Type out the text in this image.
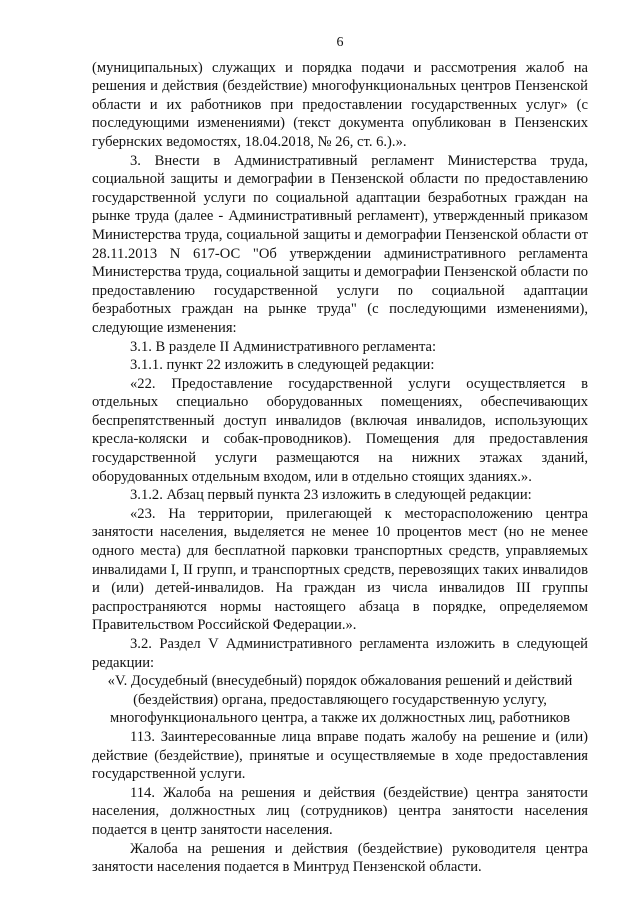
6

(муниципальных) служащих и порядка подачи и рассмотрения жалоб на решения и действия (бездействие) многофункциональных центров Пензенской области и их работников при предоставлении государственных услуг» (с последующими изменениями) (текст документа опубликован в Пензенских губернских ведомостях, 18.04.2018, № 26, ст. 6.).».

3. Внести в Административный регламент Министерства труда, социальной защиты и демографии в Пензенской области по предоставлению государственной услуги по социальной адаптации безработных граждан на рынке труда (далее - Административный регламент), утвержденный приказом Министерства труда, социальной защиты и демографии Пензенской области от 28.11.2013 N 617-ОС "Об утверждении административного регламента Министерства труда, социальной защиты и демографии Пензенской области по предоставлению государственной услуги по социальной адаптации безработных граждан на рынке труда" (с последующими изменениями), следующие изменения:

3.1. В разделе II Административного регламента:

3.1.1. пункт 22 изложить в следующей редакции:

«22. Предоставление государственной услуги осуществляется в отдельных специально оборудованных помещениях, обеспечивающих беспрепятственный доступ инвалидов (включая инвалидов, использующих кресла-коляски и собак-проводников). Помещения для предоставления государственной услуги размещаются на нижних этажах зданий, оборудованных отдельным входом, или в отдельно стоящих зданиях.».

3.1.2. Абзац первый пункта 23 изложить в следующей редакции:

«23. На территории, прилегающей к месторасположению центра занятости населения, выделяется не менее 10 процентов мест (но не менее одного места) для бесплатной парковки транспортных средств, управляемых инвалидами I, II групп, и транспортных средств, перевозящих таких инвалидов и (или) детей-инвалидов. На граждан из числа инвалидов III группы распространяются нормы настоящего абзаца в порядке, определяемом Правительством Российской Федерации.».

3.2. Раздел V Административного регламента изложить в следующей редакции:

«V. Досудебный (внесудебный) порядок обжалования решений и действий (бездействия) органа, предоставляющего государственную услугу, многофункционального центра, а также их должностных лиц, работников

113. Заинтересованные лица вправе подать жалобу на решение и (или) действие (бездействие), принятые и осуществляемые в ходе предоставления государственной услуги.

114. Жалоба на решения и действия (бездействие) центра занятости населения, должностных лиц (сотрудников) центра занятости населения подается в центр занятости населения.

Жалоба на решения и действия (бездействие) руководителя центра занятости населения подается в Минтруд Пензенской области.
